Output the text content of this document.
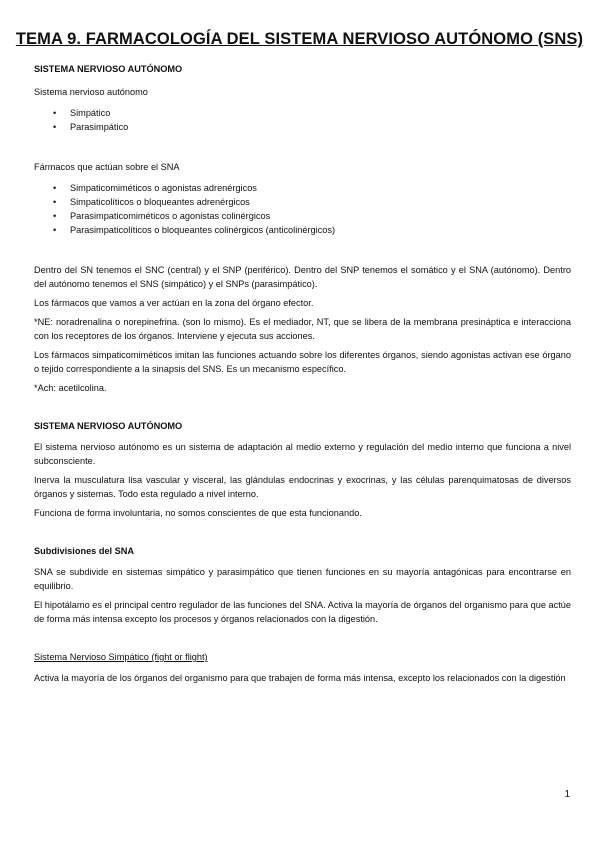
TEMA 9. FARMACOLOGÍA DEL SISTEMA NERVIOSO AUTÓNOMO (SNS)

SISTEMA NERVIOSO AUTÓNOMO

Sistema nervioso autónomo

• Simpático
• Parasimpático

Fármacos que actúan sobre el SNA

• Simpaticomiméticos o agonistas adrenérgicos
• Simpaticolíticos o bloqueantes adrenérgicos
• Parasimpaticomiméticos o agonistas colinérgicos
• Parasimpaticolíticos o bloqueantes colinérgicos (anticolinérgicos)

Dentro del SN tenemos el SNC (central) y el SNP (periférico). Dentro del SNP tenemos el somático y el SNA (autónomo). Dentro del autónomo tenemos el SNS (simpático) y el SNPs (parasimpático).

Los fármacos que vamos a ver actúan en la zona del órgano efector.

*NE: noradrenalina o norepinefrina. (son lo mismo). Es el mediador, NT, que se libera de la membrana presináptica e interacciona con los receptores de los órganos. Interviene y ejecuta sus acciones.

Los fármacos simpaticomiméticos imitan las funciones actuando sobre los diferentes órganos, siendo agonistas activan ese órgano o tejido correspondiente a la sinapsis del SNS. Es un mecanismo específico.

*Ach: acetilcolina.

SISTEMA NERVIOSO AUTÓNOMO

El sistema nervioso autónomo es un sistema de adaptación al medio externo y regulación del medio interno que funciona a nivel subconsciente.

Inerva la musculatura lisa vascular y visceral, las glándulas endocrinas y exocrinas, y las células parenquimatosas de diversos órganos y sistemas. Todo esta regulado a nivel interno.

Funciona de forma involuntaria, no somos conscientes de que esta funcionando.

Subdivisiones del SNA

SNA se subdivide en sistemas simpático y parasimpático que tienen funciones en su mayoría antagónicas para encontrarse en equilibrio.

El hipotálamo es el principal centro regulador de las funciones del SNA. Activa la mayoría de órganos del organismo para que actúe de forma más intensa excepto los procesos y órganos relacionados con la digestión.

Sistema Nervioso Simpático (fight or flight)

Activa la mayoría de los órganos del organismo para que trabajen de forma más intensa, excepto los relacionados con la digestión

1
